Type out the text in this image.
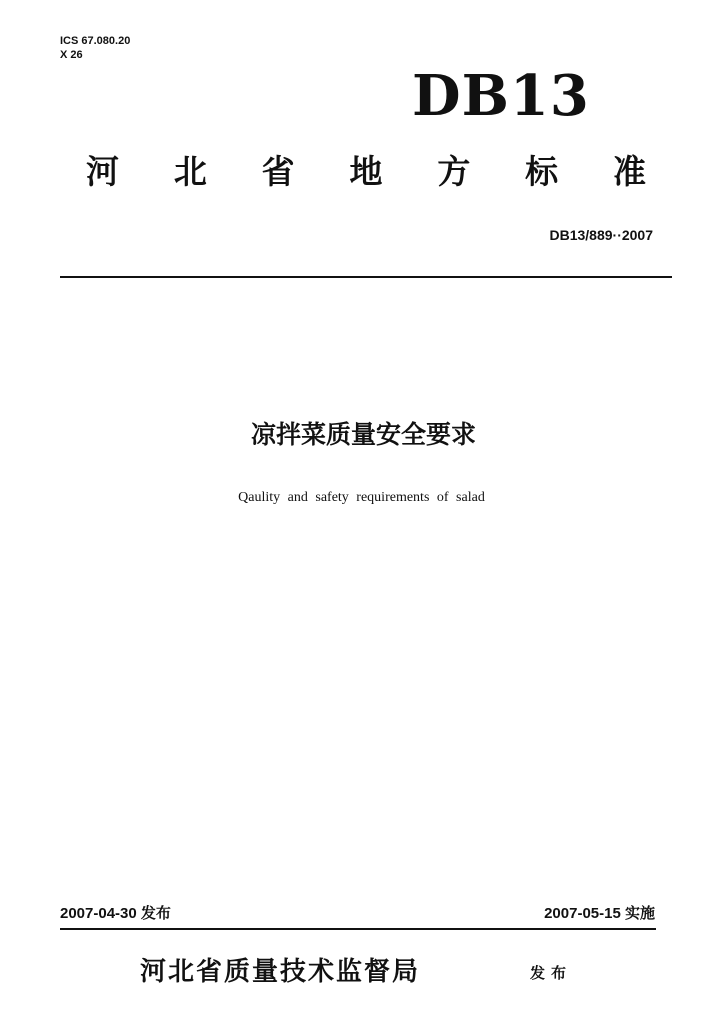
ICS 67.080.20
X 26
DB13
河 北 省 地 方 标 准
DB13/889··2007
凉拌菜质量安全要求
Qaulity and safety requirements of salad
2007-04-30 发布	2007-05-15 实施
河北省质量技术监督局	发布
